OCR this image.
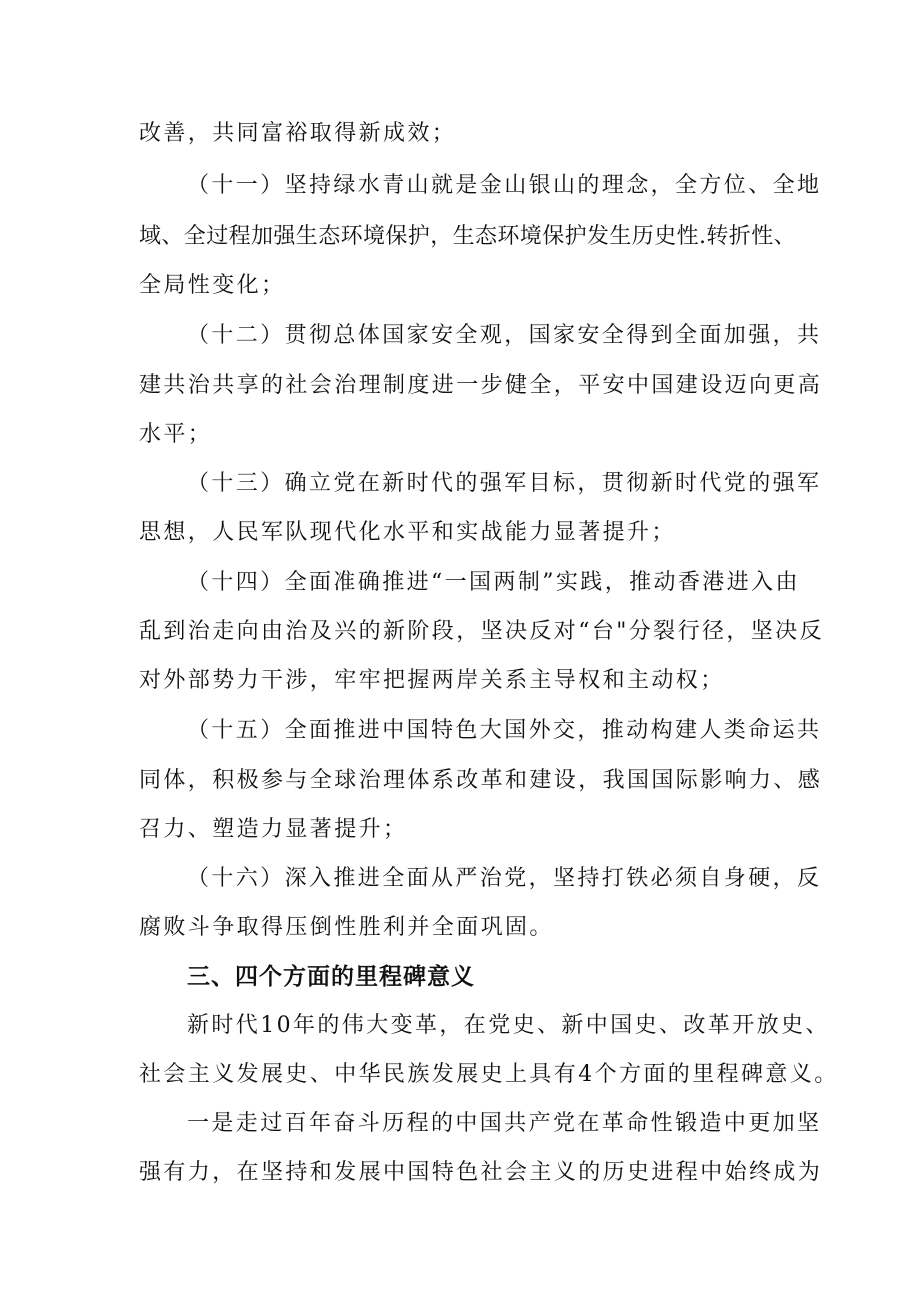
改善，共同富裕取得新成效；

（十一）坚持绿水青山就是金山银山的理念，全方位、全地

域、全过程加强生态环境保护，生态环境保护发生历史性.转折性、

全局性变化；

（十二）贯彻总体国家安全观，国家安全得到全面加强，共

建共治共享的社会治理制度进一步健全，平安中国建设迈向更高

水平；

（十三）确立党在新时代的强军目标，贯彻新时代党的强军

思想，人民军队现代化水平和实战能力显著提升；

（十四）全面准确推进“一国两制”实践，推动香港进入由

乱到治走向由治及兴的新阶段，坚决反对“台"分裂行径，坚决反

对外部势力干涉，牢牢把握两岸关系主导权和主动权；

（十五）全面推进中国特色大国外交，推动构建人类命运共

同体，积极参与全球治理体系改革和建设，我国国际影响力、感

召力、塑造力显著提升；

（十六）深入推进全面从严治党，坚持打铁必须自身硬，反

腐败斗争取得压倒性胜利并全面巩固。

三、四个方面的里程碑意义

新时代10年的伟大变革，在党史、新中国史、改革开放史、

社会主义发展史、中华民族发展史上具有4个方面的里程碑意义。

一是走过百年奋斗历程的中国共产党在革命性锻造中更加坚

强有力，在坚持和发展中国特色社会主义的历史进程中始终成为
